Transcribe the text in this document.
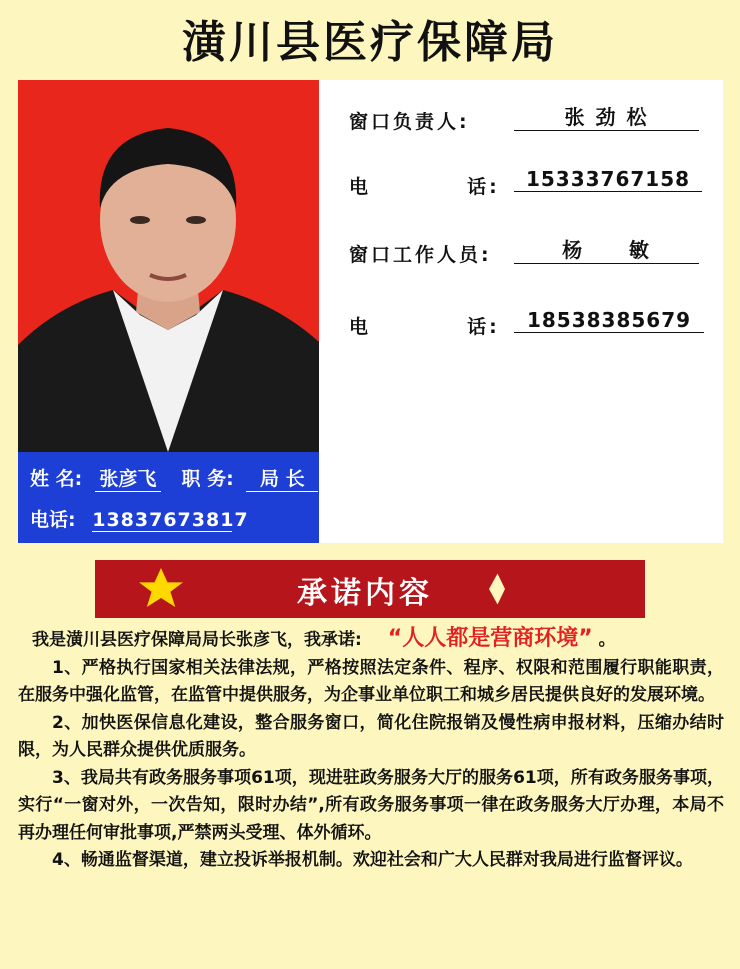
潢川县医疗保障局
姓 名: 张彦飞 职 务: 局 长
电话: 13837673817
窗口负责人:	张 劲 松
电          话:	15333767158
窗口工作人员:	杨     敏
电          话:	18538385679
承诺内容
我是潢川县医疗保障局局长张彦飞，我承诺: “人人都是营商环境” 。

1、严格执行国家相关法律法规，严格按照法定条件、程序、权限和范围履行职能职责，在服务中强化监管，在监管中提供服务，为企事业单位职工和城乡居民提供良好的发展环境。

2、加快医保信息化建设，整合服务窗口，简化住院报销及慢性病申报材料，压缩办结时限，为人民群众提供优质服务。

3、我局共有政务服务事项61项，现进驻政务服务大厅的服务61项，所有政务服务事项，实行“一窗对外，一次告知，限时办结”,所有政务服务事项一律在政务服务大厅办理，本局不再办理任何审批事项,严禁两头受理、体外循环。

4、畅通监督渠道，建立投诉举报机制。欢迎社会和广大人民群对我局进行监督评议。
